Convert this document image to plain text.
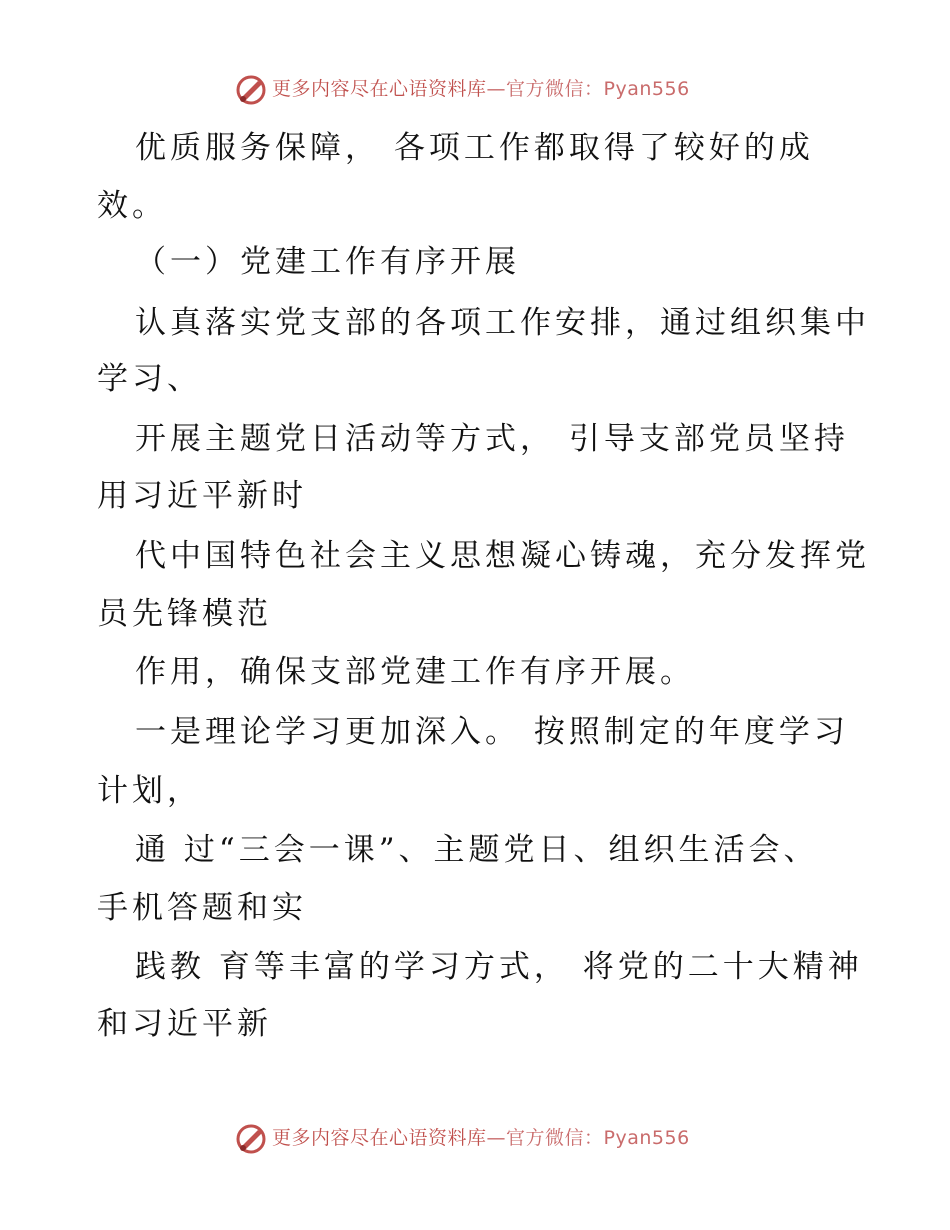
更多内容尽在心语资料库—官方微信：Pyan556
优质服务保障， 各项工作都取得了较好的成
效。
（一）党建工作有序开展
认真落实党支部的各项工作安排，通过组织集中
学习、
开展主题党日活动等方式， 引导支部党员坚持
用习近平新时
代中国特色社会主义思想凝心铸魂，充分发挥党
员先锋模范
作用，确保支部党建工作有序开展。
一是理论学习更加深入。 按照制定的年度学习
计划，
通 过“三会一课”、主题党日、组织生活会、
手机答题和实
践教 育等丰富的学习方式， 将党的二十大精神
和习近平新
更多内容尽在心语资料库—官方微信：Pyan556
